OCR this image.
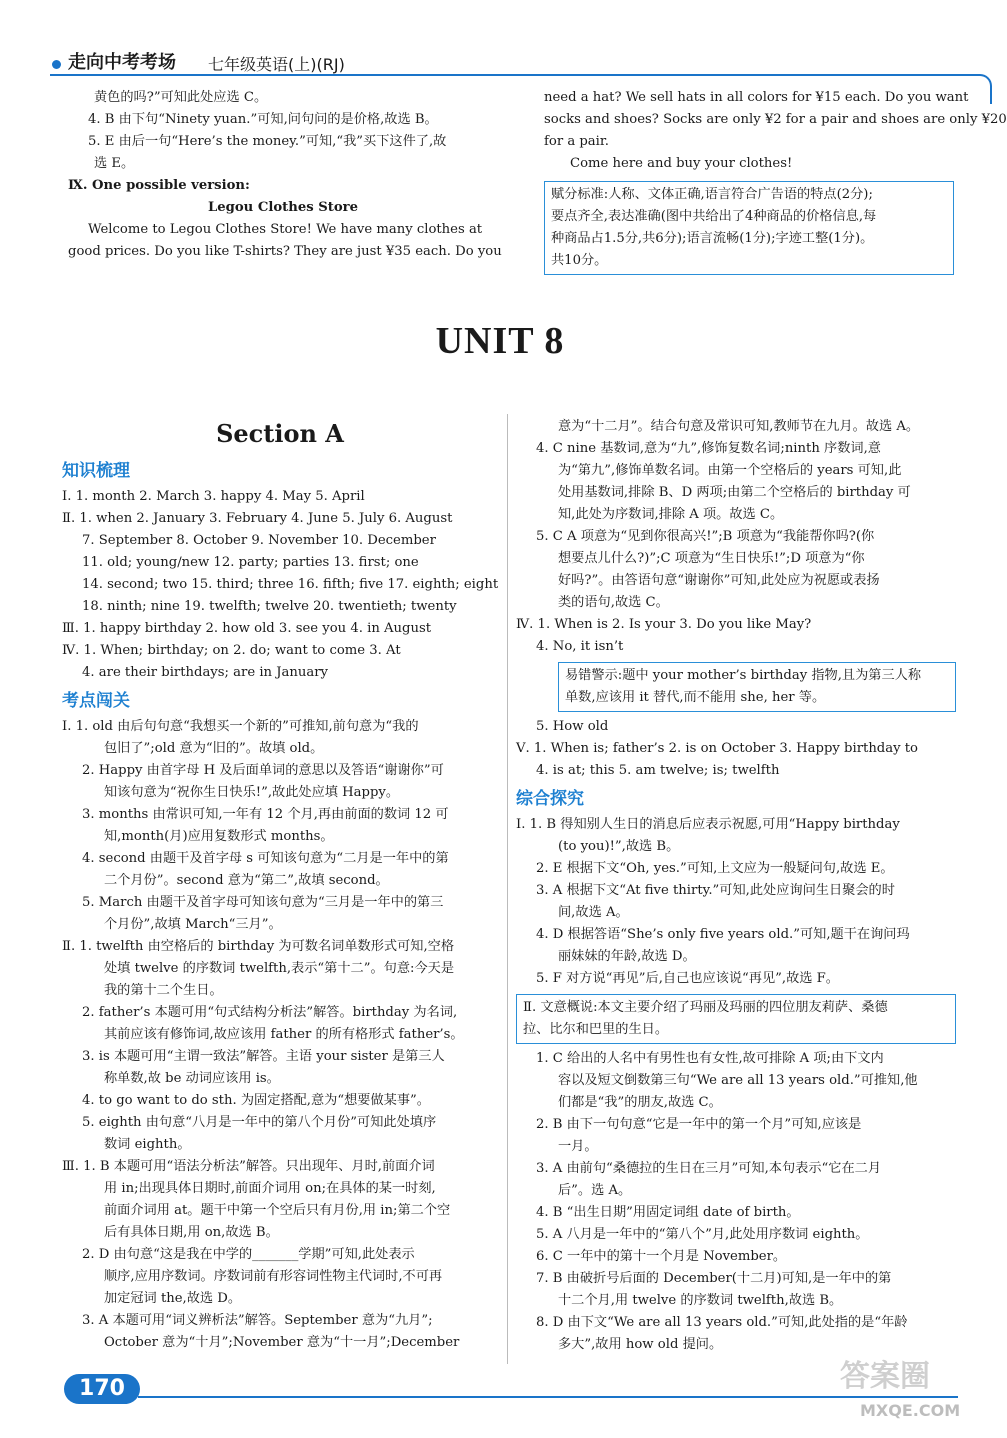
走向中考考场 七年级英语(上)(RJ)
黄色的吗?”可知此处应选 C。
4. B 由下句“Ninety yuan.”可知,问句问的是价格,故选 B。
5. E 由后一句“Here’s the money.”可知,“我”买下这件了,故
选 E。
Ⅸ. One possible version:
Legou Clothes Store
Welcome to Legou Clothes Store! We have many clothes at
good prices. Do you like T-shirts? They are just ¥35 each. Do you
need a hat? We sell hats in all colors for ¥15 each. Do you want
socks and shoes? Socks are only ¥2 for a pair and shoes are only ¥20
for a pair.
Come here and buy your clothes!
赋分标准:人称、文体正确,语言符合广告语的特点(2分);
要点齐全,表达准确(图中共给出了4种商品的价格信息,每
种商品占1.5分,共6分);语言流畅(1分);字迹工整(1分)。
共10分。
UNIT 8
Section A
知识梳理
Ⅰ. 1. month 2. March 3. happy 4. May 5. April
Ⅱ. 1. when 2. January 3. February 4. June 5. July 6. August
7. September 8. October 9. November 10. December
11. old; young/new 12. party; parties 13. first; one
14. second; two 15. third; three 16. fifth; five 17. eighth; eight
18. ninth; nine 19. twelfth; twelve 20. twentieth; twenty
Ⅲ. 1. happy birthday 2. how old 3. see you 4. in August
Ⅳ. 1. When; birthday; on 2. do; want to come 3. At
4. are their birthdays; are in January
考点闯关
Ⅰ. 1. old 由后句句意“我想买一个新的”可推知,前句意为“我的
包旧了”;old 意为“旧的”。故填 old。
2. Happy 由首字母 H 及后面单词的意思以及答语“谢谢你”可
知该句意为“祝你生日快乐!”,故此处应填 Happy。
3. months 由常识可知,一年有 12 个月,再由前面的数词 12 可
知,month(月)应用复数形式 months。
4. second 由题干及首字母 s 可知该句意为“二月是一年中的第
二个月份”。second 意为“第二”,故填 second。
5. March 由题干及首字母可知该句意为“三月是一年中的第三
个月份”,故填 March“三月”。
Ⅱ. 1. twelfth 由空格后的 birthday 为可数名词单数形式可知,空格
处填 twelve 的序数词 twelfth,表示“第十二”。句意:今天是
我的第十二个生日。
2. father’s 本题可用“句式结构分析法”解答。birthday 为名词,
其前应该有修饰词,故应该用 father 的所有格形式 father’s。
3. is 本题可用“主谓一致法”解答。主语 your sister 是第三人
称单数,故 be 动词应该用 is。
4. to go want to do sth. 为固定搭配,意为“想要做某事”。
5. eighth 由句意“八月是一年中的第八个月份”可知此处填序
数词 eighth。
Ⅲ. 1. B 本题可用“语法分析法”解答。只出现年、月时,前面介词
用 in;出现具体日期时,前面介词用 on;在具体的某一时刻,
前面介词用 at。题干中第一个空后只有月份,用 in;第二个空
后有具体日期,用 on,故选 B。
2. D 由句意“这是我在中学的_______学期”可知,此处表示
顺序,应用序数词。序数词前有形容词性物主代词时,不可再
加定冠词 the,故选 D。
3. A 本题可用“词义辨析法”解答。September 意为“九月”;
October 意为“十月”;November 意为“十一月”;December
意为“十二月”。结合句意及常识可知,教师节在九月。故选 A。
4. C nine 基数词,意为“九”,修饰复数名词;ninth 序数词,意
为“第九”,修饰单数名词。由第一个空格后的 years 可知,此
处用基数词,排除 B、D 两项;由第二个空格后的 birthday 可
知,此处为序数词,排除 A 项。故选 C。
5. C A 项意为“见到你很高兴!”;B 项意为“我能帮你吗?(你
想要点儿什么?)”;C 项意为“生日快乐!”;D 项意为“你
好吗?”。由答语句意“谢谢你”可知,此处应为祝愿或表扬
类的语句,故选 C。
Ⅳ. 1. When is 2. Is your 3. Do you like May?
4. No, it isn’t
易错警示:题中 your mother’s birthday 指物,且为第三人称
单数,应该用 it 替代,而不能用 she, her 等。
5. How old
Ⅴ. 1. When is; father’s 2. is on October 3. Happy birthday to
4. is at; this 5. am twelve; is; twelfth
综合探究
Ⅰ. 1. B 得知别人生日的消息后应表示祝愿,可用“Happy birthday
(to you)!”,故选 B。
2. E 根据下文“Oh, yes.”可知,上文应为一般疑问句,故选 E。
3. A 根据下文“At five thirty.”可知,此处应询问生日聚会的时
间,故选 A。
4. D 根据答语“She’s only five years old.”可知,题干在询问玛
丽妹妹的年龄,故选 D。
5. F 对方说“再见”后,自己也应该说“再见”,故选 F。
Ⅱ. 文意概说:本文主要介绍了玛丽及玛丽的四位朋友莉萨、桑德
拉、比尔和巴里的生日。
1. C 给出的人名中有男性也有女性,故可排除 A 项;由下文内
容以及短文倒数第三句“We are all 13 years old.”可推知,他
们都是“我”的朋友,故选 C。
2. B 由下一句句意“它是一年中的第一个月”可知,应该是
一月。
3. A 由前句“桑德拉的生日在三月”可知,本句表示“它在二月
后”。选 A。
4. B “出生日期”用固定词组 date of birth。
5. A 八月是一年中的“第八个”月,此处用序数词 eighth。
6. C 一年中的第十一个月是 November。
7. B 由破折号后面的 December(十二月)可知,是一年中的第
十二个月,用 twelve 的序数词 twelfth,故选 B。
8. D 由下文“We are all 13 years old.”可知,此处指的是“年龄
多大”,故用 how old 提问。
170	答案圈
MXQE.COM
